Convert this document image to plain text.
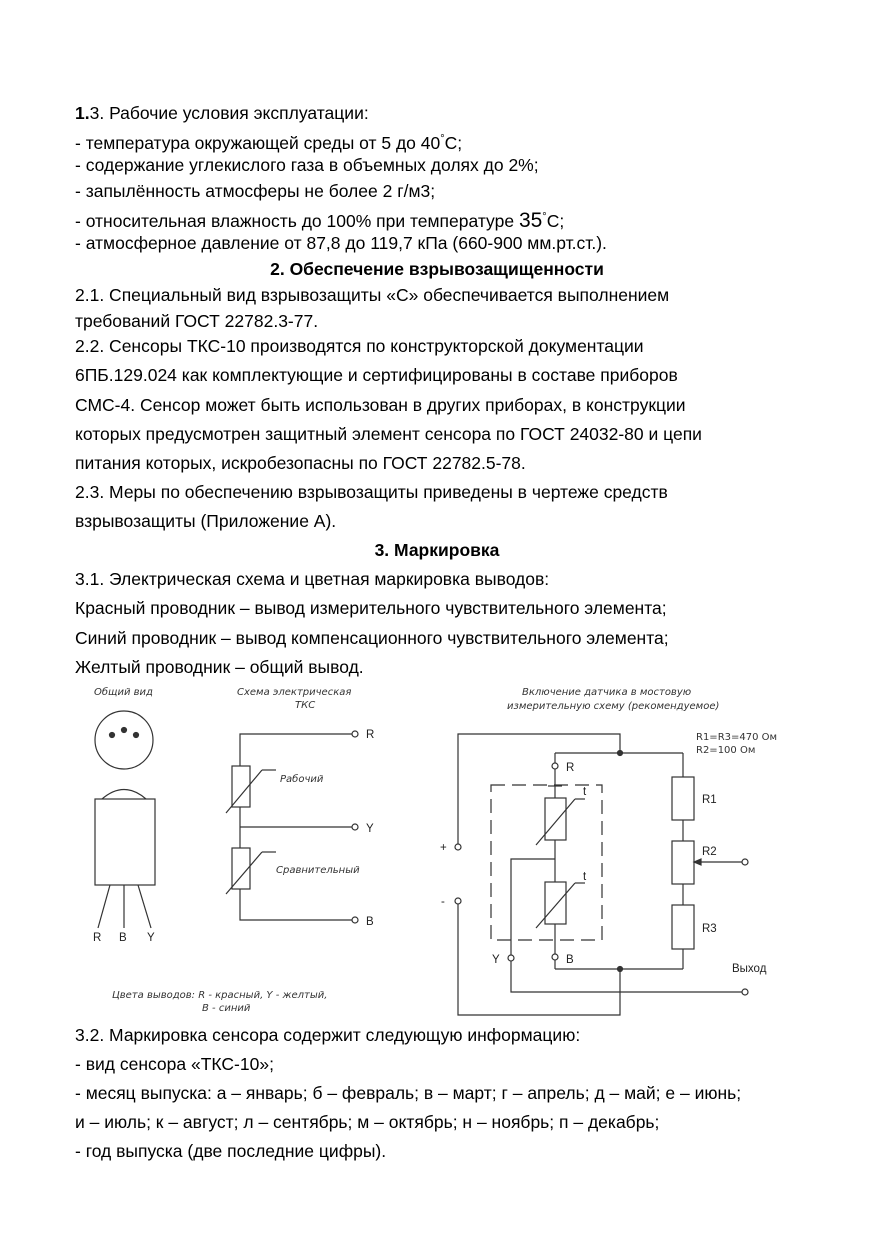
1.3. Рабочие условия эксплуатации:
- температура окружающей среды от 5 до 40°С;
- содержание углекислого газа в объемных долях до 2%;
- запылённость атмосферы не более 2 г/м3;
- относительная влажность до 100% при температуре 35°С;
- атмосферное давление от 87,8 до 119,7 кПа (660-900 мм.рт.ст.).
2. Обеспечение взрывозащищенности
2.1. Специальный вид взрывозащиты «С» обеспечивается выполнением
требований ГОСТ 22782.3-77.
2.2. Сенсоры ТКС-10 производятся по конструкторской документации
6ПБ.129.024 как комплектующие и сертифицированы в составе приборов
СМС-4. Сенсор может быть использован в других приборах, в конструкции
которых предусмотрен защитный элемент сенсора по ГОСТ 24032-80 и цепи
питания которых, искробезопасны по ГОСТ 22782.5-78.
2.3. Меры по обеспечению взрывозащиты приведены в чертеже средств
взрывозащиты (Приложение А).
3. Маркировка
3.1. Электрическая схема и цветная маркировка выводов:
Красный проводник – вывод измерительного чувствительного элемента;
Синий проводник – вывод компенсационного чувствительного элемента;
Желтый проводник – общий вывод.
Общий вид
R B Y
Схема электрическая
ТКС
R
Y
B
Рабочий
Сравнительный
Включение датчика в мостовую
измерительную схему (рекомендуемое)
R1=R3=470 Ом
R2=100 Ом
R
t
t
B
Y
Выход
+
-
R1
R2
R3
Цвета выводов: R - красный, Y - желтый,
B - синий
3.2. Маркировка сенсора содержит следующую информацию:
- вид сенсора «ТКС-10»;
- месяц выпуска: а – январь; б – февраль; в – март; г – апрель; д – май; е – июнь;
и – июль; к – август; л – сентябрь; м – октябрь; н – ноябрь; п – декабрь;
- год выпуска (две последние цифры).
